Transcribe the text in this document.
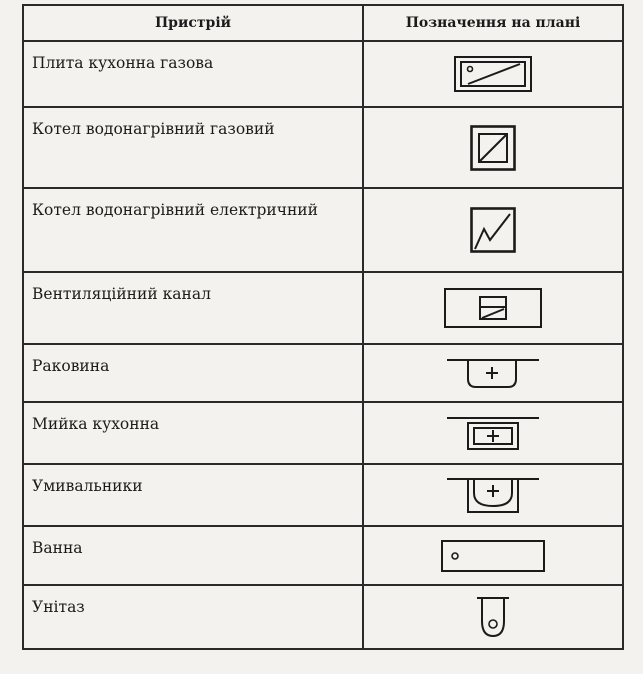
Пристрій	Позначення на плані
Плита кухонна газова	

Котел водонагрівний газовий	

Котел водонагрівний електричний	

Вентиляційний канал	

Раковина	

Мийка кухонна	

Умивальники	

Ванна	

Унітаз	
